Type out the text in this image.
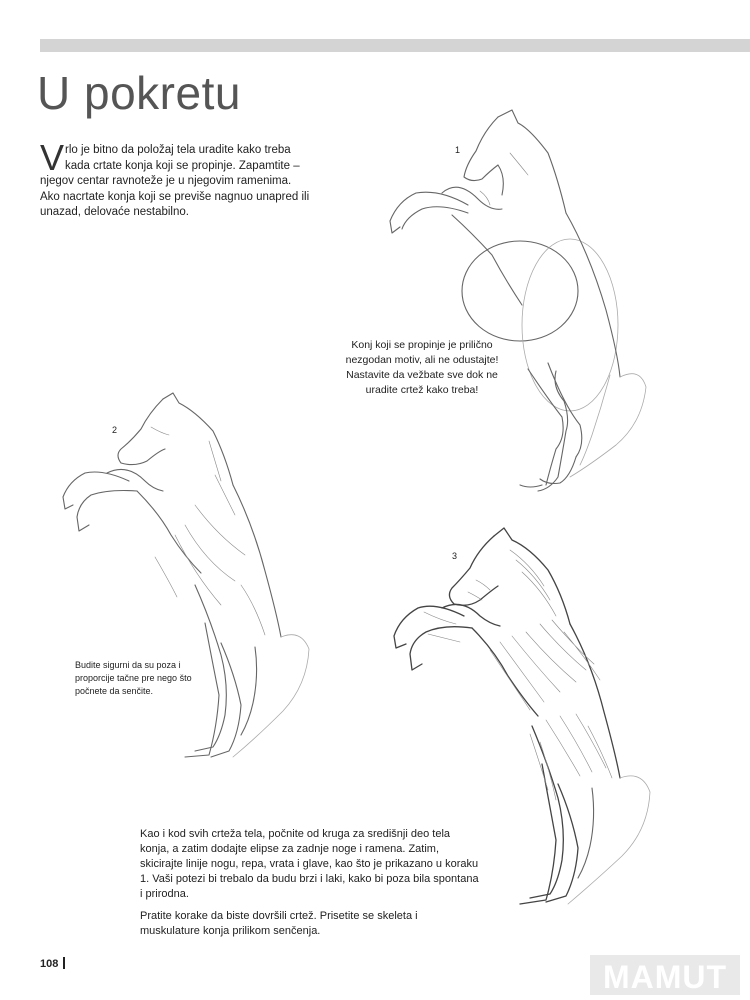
U pokretu

Vrlo je bitno da položaj tela uradite kako treba kada crtate konja koji se propinje. Zapamtite – njegov centar ravnoteže je u njegovim ramenima. Ako nacrtate konja koji se previše nagnuo unapred ili unazad, delovaće nestabilno.

1

Konj koji se propinje je prilično nezgodan motiv, ali ne odustajte! Nastavite da vežbate sve dok ne uradite crtež kako treba!

2

Budite sigurni da su poza i proporcije tačne pre nego što počnete da senčite.

3

Kao i kod svih crteža tela, počnite od kruga za središnji deo tela konja, a zatim dodajte elipse za zadnje noge i ramena. Zatim, skicirajte linije nogu, repa, vrata i glave, kao što je prikazano u koraku 1. Vaši potezi bi trebalo da budu brzi i laki, kako bi poza bila spontana i prirodna.

Pratite korake da biste dovršili crtež. Prisetite se skeleta i muskulature konja prilikom senčenja.

108	MAMUT
